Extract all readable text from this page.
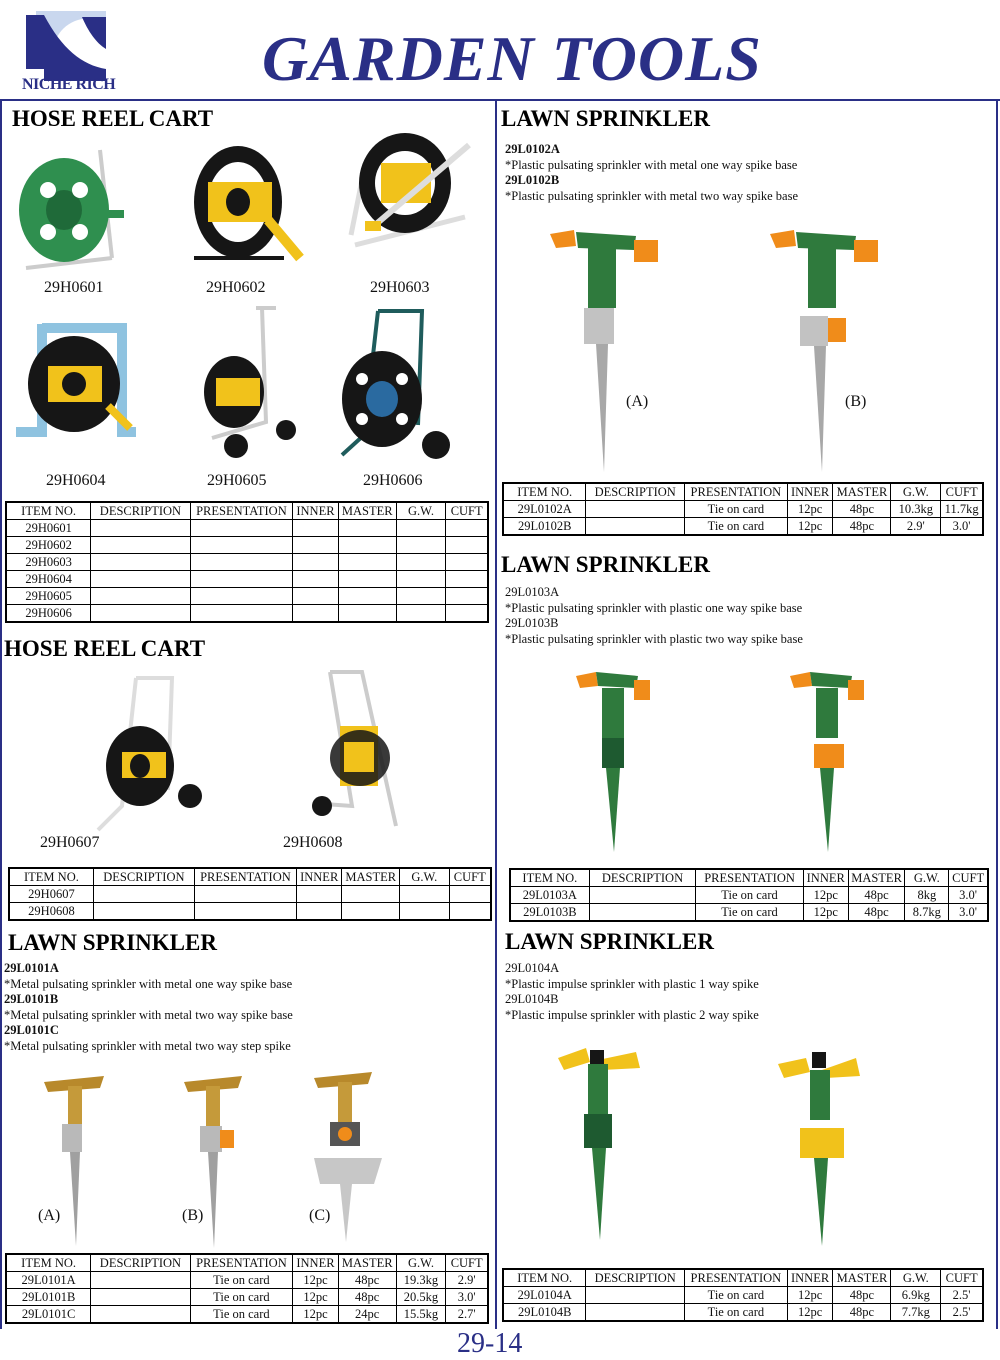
NICHE RICH GARDEN TOOLS
HOSE REEL CART
29H0601	29H0602	29H0603
29H0604	29H0605	29H0606
ITEM NO.	DESCRIPTION	PRESENTATION	INNER	MASTER	G.W.	CUFT
29H0601						
29H0602						
29H0603						
29H0604						
29H0605						
29H0606						
HOSE REEL CART
29H0607	29H0608
ITEM NO.	DESCRIPTION	PRESENTATION	INNER	MASTER	G.W.	CUFT
29H0607						
29H0608						
LAWN SPRINKLER
29L0101A
*Metal pulsating sprinkler with metal one way spike base
29L0101B
*Metal pulsating sprinkler with metal two way spike base
29L0101C
*Metal pulsating sprinkler with metal two way step spike
(A)	(B)	(C)
ITEM NO.	DESCRIPTION	PRESENTATION	INNER	MASTER	G.W.	CUFT
29L0101A		Tie on card	12pc	48pc	19.3kg	2.9'
29L0101B		Tie on card	12pc	48pc	20.5kg	3.0'
29L0101C		Tie on card	12pc	24pc	15.5kg	2.7'
LAWN SPRINKLER
29L0102A
*Plastic pulsating sprinkler with metal one way spike base
29L0102B
*Plastic pulsating sprinkler with metal two way spike base
(A)	(B)
ITEM NO.	DESCRIPTION	PRESENTATION	INNER	MASTER	G.W.	CUFT
29L0102A		Tie on card	12pc	48pc	10.3kg	11.7kg
29L0102B		Tie on card	12pc	48pc	2.9'	3.0'
LAWN SPRINKLER
29L0103A
*Plastic pulsating sprinkler with plastic one way spike base
29L0103B
*Plastic pulsating sprinkler with plastic two way spike base
ITEM NO.	DESCRIPTION	PRESENTATION	INNER	MASTER	G.W.	CUFT
29L0103A		Tie on card	12pc	48pc	8kg	3.0'
29L0103B		Tie on card	12pc	48pc	8.7kg	3.0'
LAWN SPRINKLER
29L0104A
*Plastic impulse sprinkler with plastic 1 way spike
29L0104B
*Plastic impulse sprinkler with plastic 2 way spike
ITEM NO.	DESCRIPTION	PRESENTATION	INNER	MASTER	G.W.	CUFT
29L0104A		Tie on card	12pc	48pc	6.9kg	2.5'
29L0104B		Tie on card	12pc	48pc	7.7kg	2.5'
29-14
